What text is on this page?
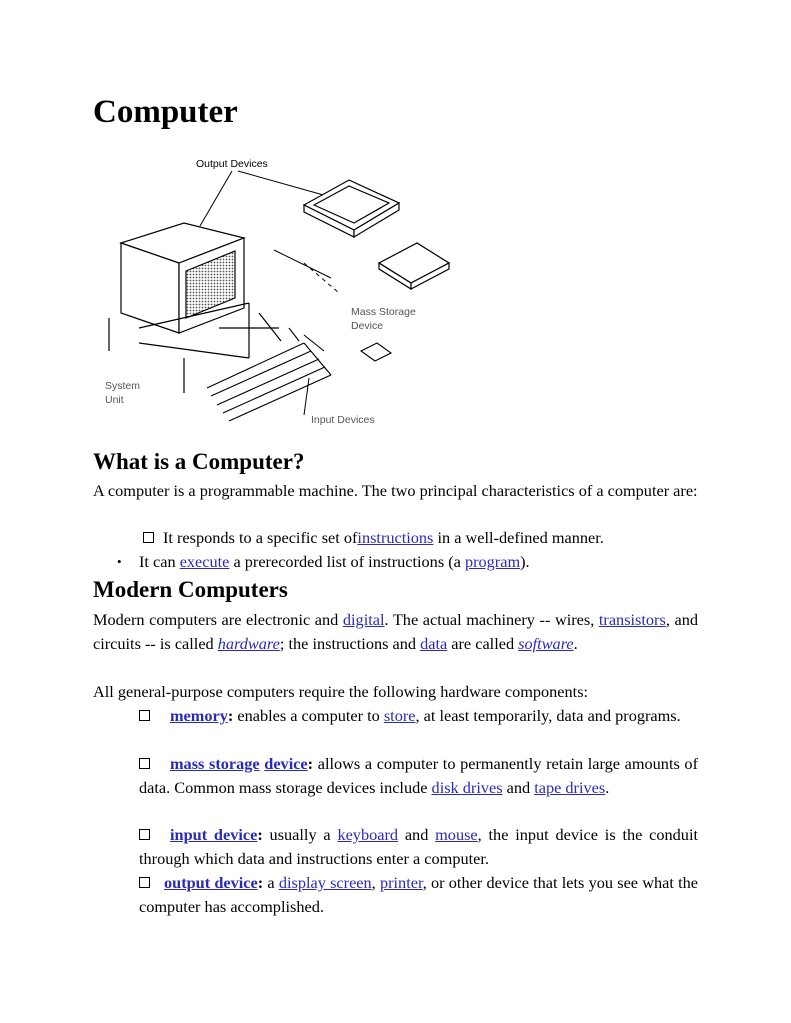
Computer
Output Devices
Mass Storage
Device
System
Unit
Input Devices
What is a Computer?

A computer is a programmable machine. The two principal characteristics of a computer are:

It responds to a specific set ofinstructions in a well-defined manner.

• It can execute a prerecorded list of instructions (a program).

Modern Computers

Modern computers are electronic and digital. The actual machinery -- wires, transistors, and circuits -- is called hardware; the instructions and data are called software.

All general-purpose computers require the following hardware components:

memory: enables a computer to store, at least temporarily, data and programs.

mass storage device: allows a computer to permanently retain large amounts of data. Common mass storage devices include disk drives and tape drives.

input device: usually a keyboard and mouse, the input device is the conduit through which data and instructions enter a computer.

output device: a display screen, printer, or other device that lets you see what the computer has accomplished.
